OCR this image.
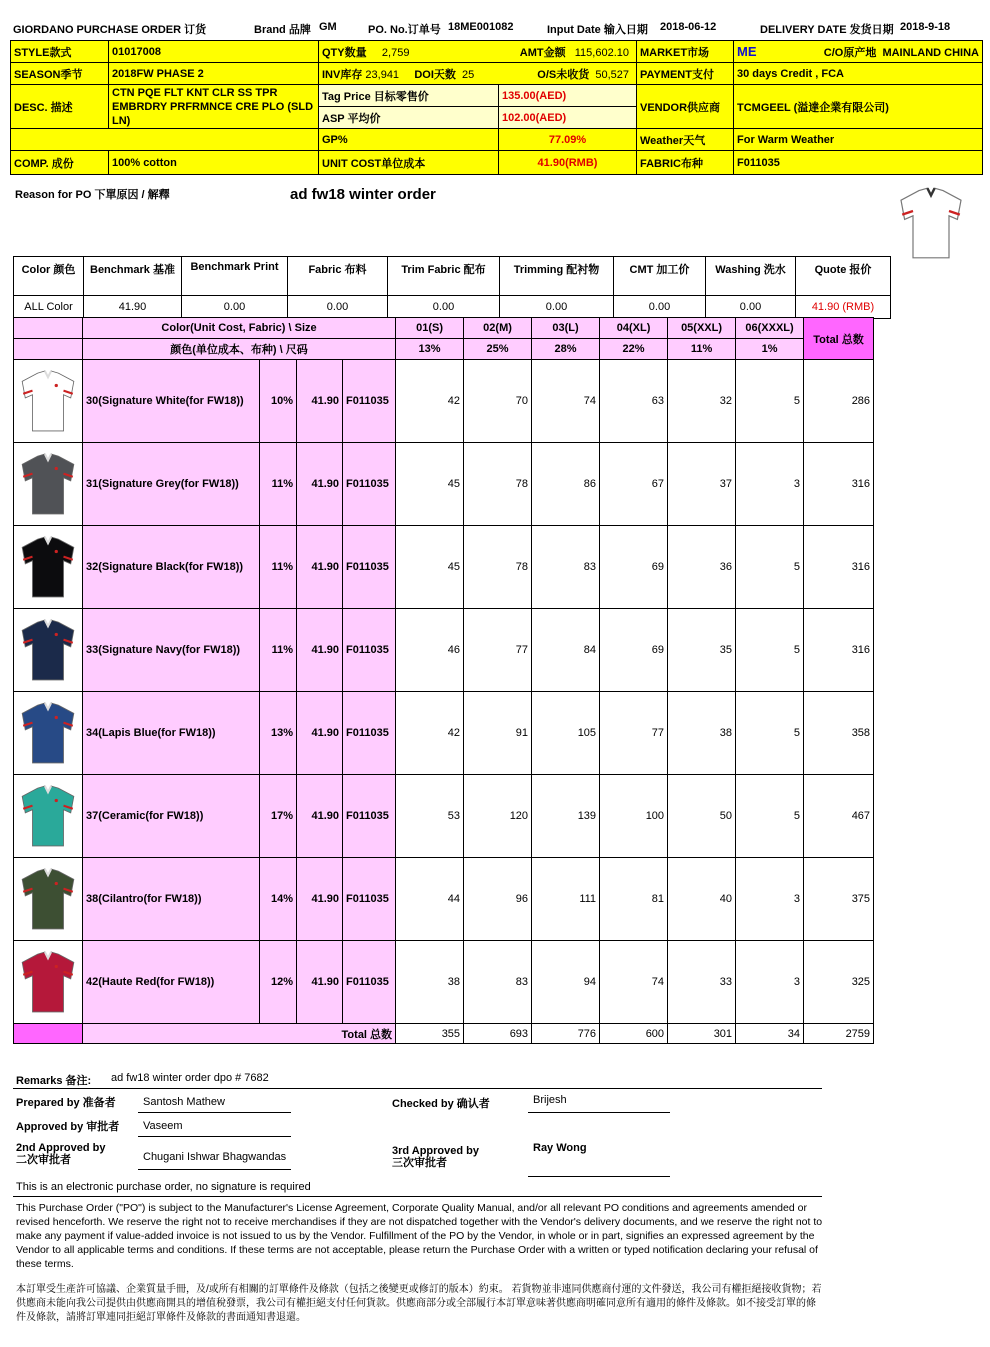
GIORDANO PURCHASE ORDER 订货	Brand 品牌 GM	PO. No.订单号 18ME001082	Input Date 输入日期 2018-06-12	DELIVERY DATE 发货日期 2018-9-18
STYLE款式	01017008	QTY数量 2,759 AMT金额 115,602.10		MARKET市场	ME C/O原产地 MAINLAND CHINA

SEASON季节	2018FW PHASE 2	INV库存 23,941 DOI天数 25 O/S未收货 50,527		PAYMENT支付	30 days Credit , FCA
DESC. 描述	CTN PQE FLT KNT CLR SS TPR EMBRDRY PRFRMNCE CRE PLO (SLD LN)	Tag Price 目标零售价	135.00(AED)	VENDOR供应商	TCMGEEL (溢達企業有限公司)
		ASP 平均价	102.00(AED)		
		GP%	77.09%	Weather天气	For Warm Weather
COMP. 成份	100% cotton	UNIT COST单位成本	41.90(RMB)	FABRIC布种	F011035
Reason for PO 下單原因 / 解釋	ad fw18 winter order
Color 颜色	Benchmark 基准	Benchmark Print	Fabric 布料	Trim Fabric 配布	Trimming 配衬物	CMT 加工价	Washing 洗水	Quote 报价
ALL Color	41.90	0.00	0.00	0.00	0.00	0.00	0.00	41.90 (RMB)
	Color(Unit Cost, Fabric) \ Size				01(S)	02(M)	03(L)	04(XL)	05(XXL)	06(XXXL)	Total 总数
	颜色(单位成本、布种) \ 尺码				13%	25%	28%	22%	11%	1%	

	30(Signature White(for FW18))	10%	41.90	F011035	42	70	74	63	32	5	286

	31(Signature Grey(for FW18))	11%	41.90	F011035	45	78	86	67	37	3	316

	32(Signature Black(for FW18))	11%	41.90	F011035	45	78	83	69	36	5	316

	33(Signature Navy(for FW18))	11%	41.90	F011035	46	77	84	69	35	5	316

	34(Lapis Blue(for FW18))	13%	41.90	F011035	42	91	105	77	38	5	358

	37(Ceramic(for FW18))	17%	41.90	F011035	53	120	139	100	50	5	467

	38(Cilantro(for FW18))	14%	41.90	F011035	44	96	111	81	40	3	375

	42(Haute Red(for FW18))	12%	41.90	F011035	38	83	94	74	33	3	325
	Total 总数				355	693	776	600	301	34	2759
Remarks 备注: ad fw18 winter order dpo # 7682
Prepared by 准备者 Santosh Mathew	Checked by 确认者	Brijesh
Approved by 审批者 Vaseem
2nd Approved by
二次审批者	Chugani Ishwar Bhagwandas	3rd Approved by
三次审批者
Ray Wong
This is an electronic purchase order, no signature is required
This Purchase Order ("PO") is subject to the Manufacturer's License Agreement, Corporate Quality Manual, and/or all relevant PO conditions and agreements amended or revised henceforth. We reserve the right not to receive merchandises if they are not dispatched together with the Vendor's delivery documents, and we reserve the right not to make any payment if value-added invoice is not issued to us by the Vendor. Fulfillment of the PO by the Vendor, in whole or in part, signifies an expressed agreement by the Vendor to all applicable terms and conditions. If these terms are not acceptable, please return the Purchase Order with a written or typed notification declaring your refusal of these terms.
本訂單受生產許可協議、企業質量手冊，及/或所有相關的訂單條件及條款（包括之後變更或修訂的版本）約束。 若貨物並非連同供應商付運的文件發送，我公司有權拒絕接收貨物；若供應商未能向我公司提供由供應商開具的增值稅發票，我公司有權拒絕支付任何貨款。供應商部分或全部履行本訂單意味著供應商明確同意所有適用的條件及條款。如不接受訂單的條件及條款，請將訂單連同拒絕訂單條件及條款的書面通知書退還。
